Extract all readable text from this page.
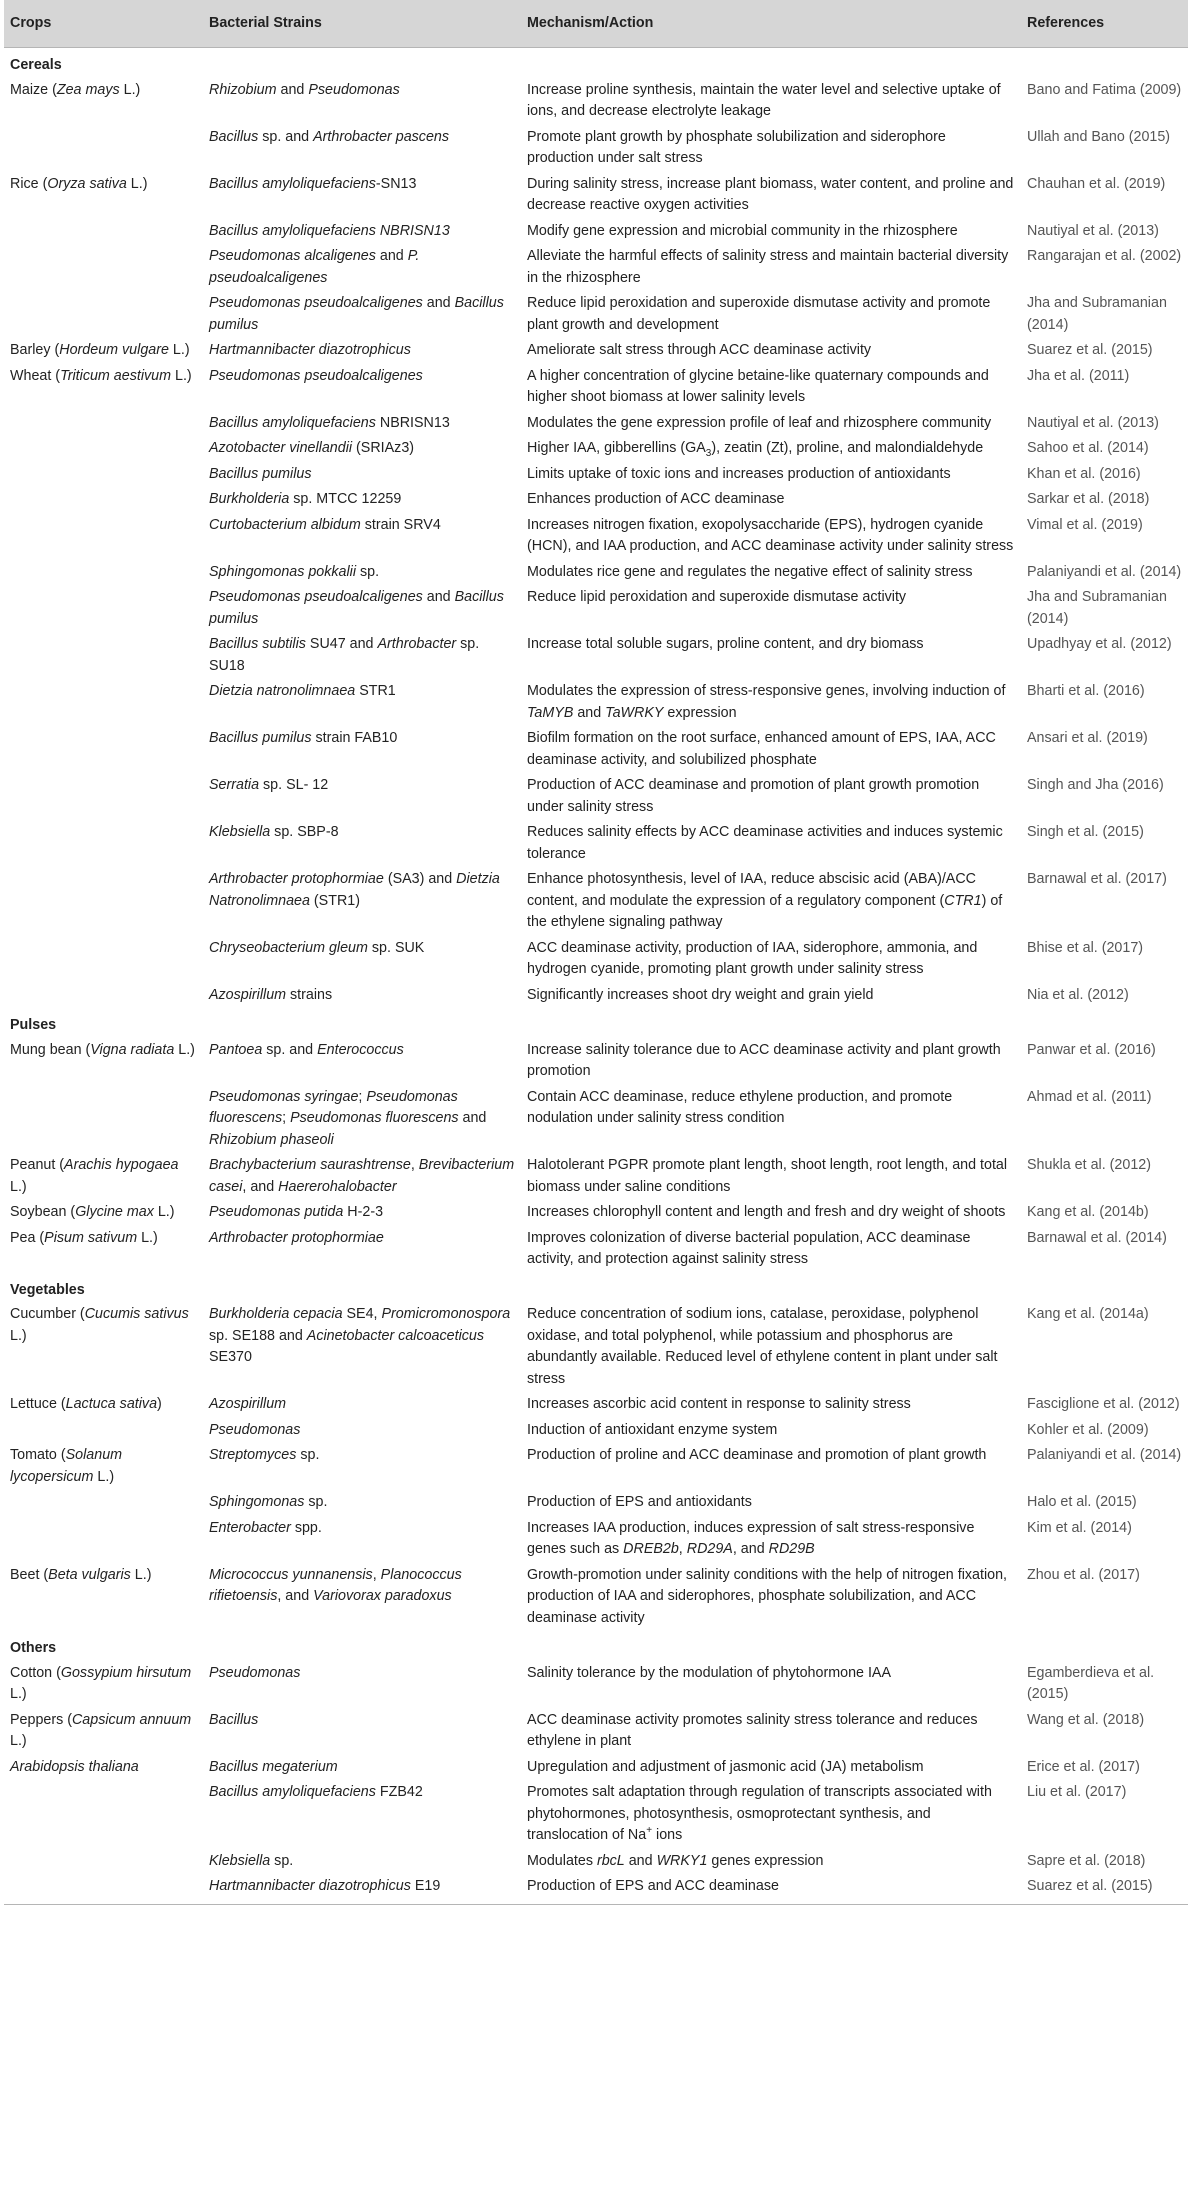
Crops	Bacterial Strains	Mechanism/Action	References
Cereals			
Maize (Zea mays L.)	Rhizobium and Pseudomonas	Increase proline synthesis, maintain the water level and selective uptake of ions, and decrease electrolyte leakage	Bano and Fatima (2009)
	Bacillus sp. and Arthrobacter pascens	Promote plant growth by phosphate solubilization and siderophore production under salt stress	Ullah and Bano (2015)
Rice (Oryza sativa L.)	Bacillus amyloliquefaciens-SN13	During salinity stress, increase plant biomass, water content, and proline and decrease reactive oxygen activities	Chauhan et al. (2019)
	Bacillus amyloliquefaciens NBRISN13	Modify gene expression and microbial community in the rhizosphere	Nautiyal et al. (2013)
	Pseudomonas alcaligenes and P. pseudoalcaligenes	Alleviate the harmful effects of salinity stress and maintain bacterial diversity in the rhizosphere	Rangarajan et al. (2002)
	Pseudomonas pseudoalcaligenes and Bacillus pumilus	Reduce lipid peroxidation and superoxide dismutase activity and promote plant growth and development	Jha and Subramanian (2014)
Barley (Hordeum vulgare L.)	Hartmannibacter diazotrophicus	Ameliorate salt stress through ACC deaminase activity	Suarez et al. (2015)
Wheat (Triticum aestivum L.)	Pseudomonas pseudoalcaligenes	A higher concentration of glycine betaine-like quaternary compounds and higher shoot biomass at lower salinity levels	Jha et al. (2011)
	Bacillus amyloliquefaciens NBRISN13	Modulates the gene expression profile of leaf and rhizosphere community	Nautiyal et al. (2013)
	Azotobacter vinellandii (SRIAz3)	Higher IAA, gibberellins $(GA_3)$, zeatin (Zt), proline, and malondialdehyde	Sahoo et al. (2014)
	Bacillus pumilus	Limits uptake of toxic ions and increases production of antioxidants	Khan et al. (2016)
	Burkholderia sp. MTCC 12259	Enhances production of ACC deaminase	Sarkar et al. (2018)
	Curtobacterium albidum strain SRV4	Increases nitrogen fixation, exopolysaccharide (EPS), hydrogen cyanide (HCN), and IAA production, and ACC deaminase activity under salinity stress	Vimal et al. (2019)
	Sphingomonas pokkalii sp.	Modulates rice gene and regulates the negative effect of salinity stress	Palaniyandi et al. (2014)
	Pseudomonas pseudoalcaligenes and Bacillus pumilus	Reduce lipid peroxidation and superoxide dismutase activity	Jha and Subramanian (2014)
	Bacillus subtilis SU47 and Arthrobacter sp. SU18	Increase total soluble sugars, proline content, and dry biomass	Upadhyay et al. (2012)
	Dietzia natronolimnaea STR1	Modulates the expression of stress-responsive genes, involving induction of TaMYB and TaWRKY expression	Bharti et al. (2016)
	Bacillus pumilus strain FAB10	Biofilm formation on the root surface, enhanced amount of EPS, IAA, ACC deaminase activity, and solubilized phosphate	Ansari et al. (2019)
	Serratia sp. SL- 12	Production of ACC deaminase and promotion of plant growth promotion under salinity stress	Singh and Jha (2016)
	Klebsiella sp. SBP-8	Reduces salinity effects by ACC deaminase activities and induces systemic tolerance	Singh et al. (2015)
	Arthrobacter protophormiae (SA3) and Dietzia Natronolimnaea (STR1)	Enhance photosynthesis, level of IAA, reduce abscisic acid (ABA)/ACC content, and modulate the expression of a regulatory component (CTR1) of the ethylene signaling pathway	Barnawal et al. (2017)
	Chryseobacterium gleum sp. SUK	ACC deaminase activity, production of IAA, siderophore, ammonia, and hydrogen cyanide, promoting plant growth under salinity stress	Bhise et al. (2017)
	Azospirillum strains	Significantly increases shoot dry weight and grain yield	Nia et al. (2012)
Pulses			
Mung bean (Vigna radiata L.)	Pantoea sp. and Enterococcus	Increase salinity tolerance due to ACC deaminase activity and plant growth promotion	Panwar et al. (2016)
	Pseudomonas syringae; Pseudomonas fluorescens; Pseudomonas fluorescens and Rhizobium phaseoli	Contain ACC deaminase, reduce ethylene production, and promote nodulation under salinity stress condition	Ahmad et al. (2011)
Peanut (Arachis hypogaea L.)	Brachybacterium saurashtrense, Brevibacterium casei, and Haererohalobacter	Halotolerant PGPR promote plant length, shoot length, root length, and total biomass under saline conditions	Shukla et al. (2012)
Soybean (Glycine max L.)	Pseudomonas putida H-2-3	Increases chlorophyll content and length and fresh and dry weight of shoots	Kang et al. (2014b)
Pea (Pisum sativum L.)	Arthrobacter protophormiae	Improves colonization of diverse bacterial population, ACC deaminase activity, and protection against salinity stress	Barnawal et al. (2014)
Vegetables			
Cucumber (Cucumis sativus L.)	Burkholderia cepacia SE4, Promicromonospora sp. SE188 and Acinetobacter calcoaceticus SE370	Reduce concentration of sodium ions, catalase, peroxidase, polyphenol oxidase, and total polyphenol, while potassium and phosphorus are abundantly available. Reduced level of ethylene content in plant under salt stress	Kang et al. (2014a)
Lettuce (Lactuca sativa)	Azospirillum	Increases ascorbic acid content in response to salinity stress	Fasciglione et al. (2012)
	Pseudomonas	Induction of antioxidant enzyme system	Kohler et al. (2009)
Tomato (Solanum lycopersicum L.)	Streptomyces sp.	Production of proline and ACC deaminase and promotion of plant growth	Palaniyandi et al. (2014)
	Sphingomonas sp.	Production of EPS and antioxidants	Halo et al. (2015)
	Enterobacter spp.	Increases IAA production, induces expression of salt stress-responsive genes such as DREB2b, RD29A, and RD29B	Kim et al. (2014)
Beet (Beta vulgaris L.)	Micrococcus yunnanensis, Planococcus rifietoensis, and Variovorax paradoxus	Growth-promotion under salinity conditions with the help of nitrogen fixation, production of IAA and siderophores, phosphate solubilization, and ACC deaminase activity	Zhou et al. (2017)
Others			
Cotton (Gossypium hirsutum L.)	Pseudomonas	Salinity tolerance by the modulation of phytohormone IAA	Egamberdieva et al. (2015)
Peppers (Capsicum annuum L.)	Bacillus	ACC deaminase activity promotes salinity stress tolerance and reduces ethylene in plant	Wang et al. (2018)
Arabidopsis thaliana	Bacillus megaterium	Upregulation and adjustment of jasmonic acid (JA) metabolism	Erice et al. (2017)
	Bacillus amyloliquefaciens FZB42	Promotes salt adaptation through regulation of transcripts associated with phytohormones, photosynthesis, osmoprotectant synthesis, and translocation of Na+ ions	Liu et al. (2017)
	Klebsiella sp.	Modulates rbcL and WRKY1 genes expression	Sapre et al. (2018)
	Hartmannibacter diazotrophicus E19	Production of EPS and ACC deaminase	Suarez et al. (2015)
